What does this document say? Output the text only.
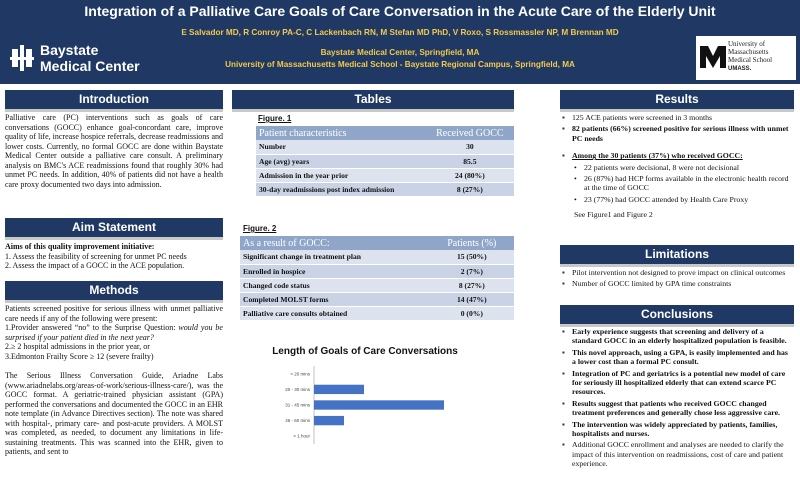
Integration of a Palliative Care Goals of Care Conversation in the Acute Care of the Elderly Unit
E Salvador MD, R Conroy PA-C, C Lackenbach RN, M Stefan MD PhD, V Roxo, S Rossmassler NP, M Brennan MD
Baystate Medical Center, Springfield, MA
University of Massachusetts Medical School - Baystate Regional Campus, Springfield, MA
Baystate
Medical Center
University of
Massachusetts
Medical School
UMASS.
Introduction
Palliative care (PC) interventions such as goals of care conversations (GOCC) enhance goal-concordant care, improve quality of life, increase hospice referrals, decrease readmissions and lower costs. Currently, no formal GOCC are done within Baystate Medical Center outside a palliative care consult. A preliminary analysis on BMC's ACE readmissions found that roughly 30% had unmet PC needs. In addition, 40% of patients did not have a health care proxy documented two days into admission.
Aim Statement

Aims of this quality improvement initiative:

1. Assess the feasibility of screening for unmet PC needs

2. Assess the impact of a GOCC in the ACE population.

Methods

Patients screened positive for serious illness with unmet palliative care needs if any of the following were present:

1.Provider answered “no” to the Surprise Question: would you be surprised if your patient died in the next year?

2.≥ 2 hospital admissions in the prior year, or

3.Edmonton Frailty Score ≥ 12 (severe frailty)

The Serious Illness Conversation Guide, Ariadne Labs (www.ariadnelabs.org/areas-of-work/serious-illness-care/), was the GOCC format. A geriatric-trained physician assistant (GPA) performed the conversations and documented the GOCC in an EHR note template (in Advance Directives section). The note was shared with hospital-, primary care- and post-acute providers. A MOLST was completed, as needed, to document any limitations in life-sustaining treatments. This was scanned into the EHR, given to patients, and sent to

Tables
Figure. 1
Patient characteristics	Received GOCC
Number	30
Age (avg) years	85.5
Admission in the year prior	24 (80%)
30-day readmissions post index admission	8 (27%)
Figure. 2
As a result of GOCC:	Patients (%)
Significant change in treatment plan	15 (50%)
Enrolled in hospice	2 (7%)
Changed code status	8 (27%)
Completed MOLST forms	14 (47%)
Palliative care consults obtained	0 (0%)
Length of Goals of Care Conversations
< 20 mins
20 - 30 mins
31 - 45 mins
46 - 60 mins
> 1 hour
Results
▪ 125 ACE patients were screened in 3 months
▪ 82 patients (66%) screened positive for serious illness with unmet PC needs
▪ Among the 30 patients (37%) who received GOCC:
• 22 patients were decisional, 8 were not decisional
• 26 (87%) had HCP forms available in the electronic health record at the time of GOCC
• 23 (77%) had GOCC attended by Health Care Proxy
See Figure1 and Figure 2
Limitations
▪ Pilot intervention not designed to prove impact on clinical outcomes
▪ Number of GOCC limited by GPA time constraints
Conclusions
▪ Early experience suggests that screening and delivery of a standard GOCC in an elderly hospitalized population is feasible.
▪ This novel approach, using a GPA, is easily implemented and has a lower cost than a formal PC consult.
▪ Integration of PC and geriatrics is a potential new model of care for seriously ill hospitalized elderly that can extend scarce PC resources.
▪ Results suggest that patients who received GOCC changed treatment preferences and generally chose less aggressive care.
▪ The intervention was widely appreciated by patients, families, hospitalists and nurses.
▪ Additional GOCC enrollment and analyses are needed to clarify the impact of this intervention on readmissions, cost of care and patient experience.
